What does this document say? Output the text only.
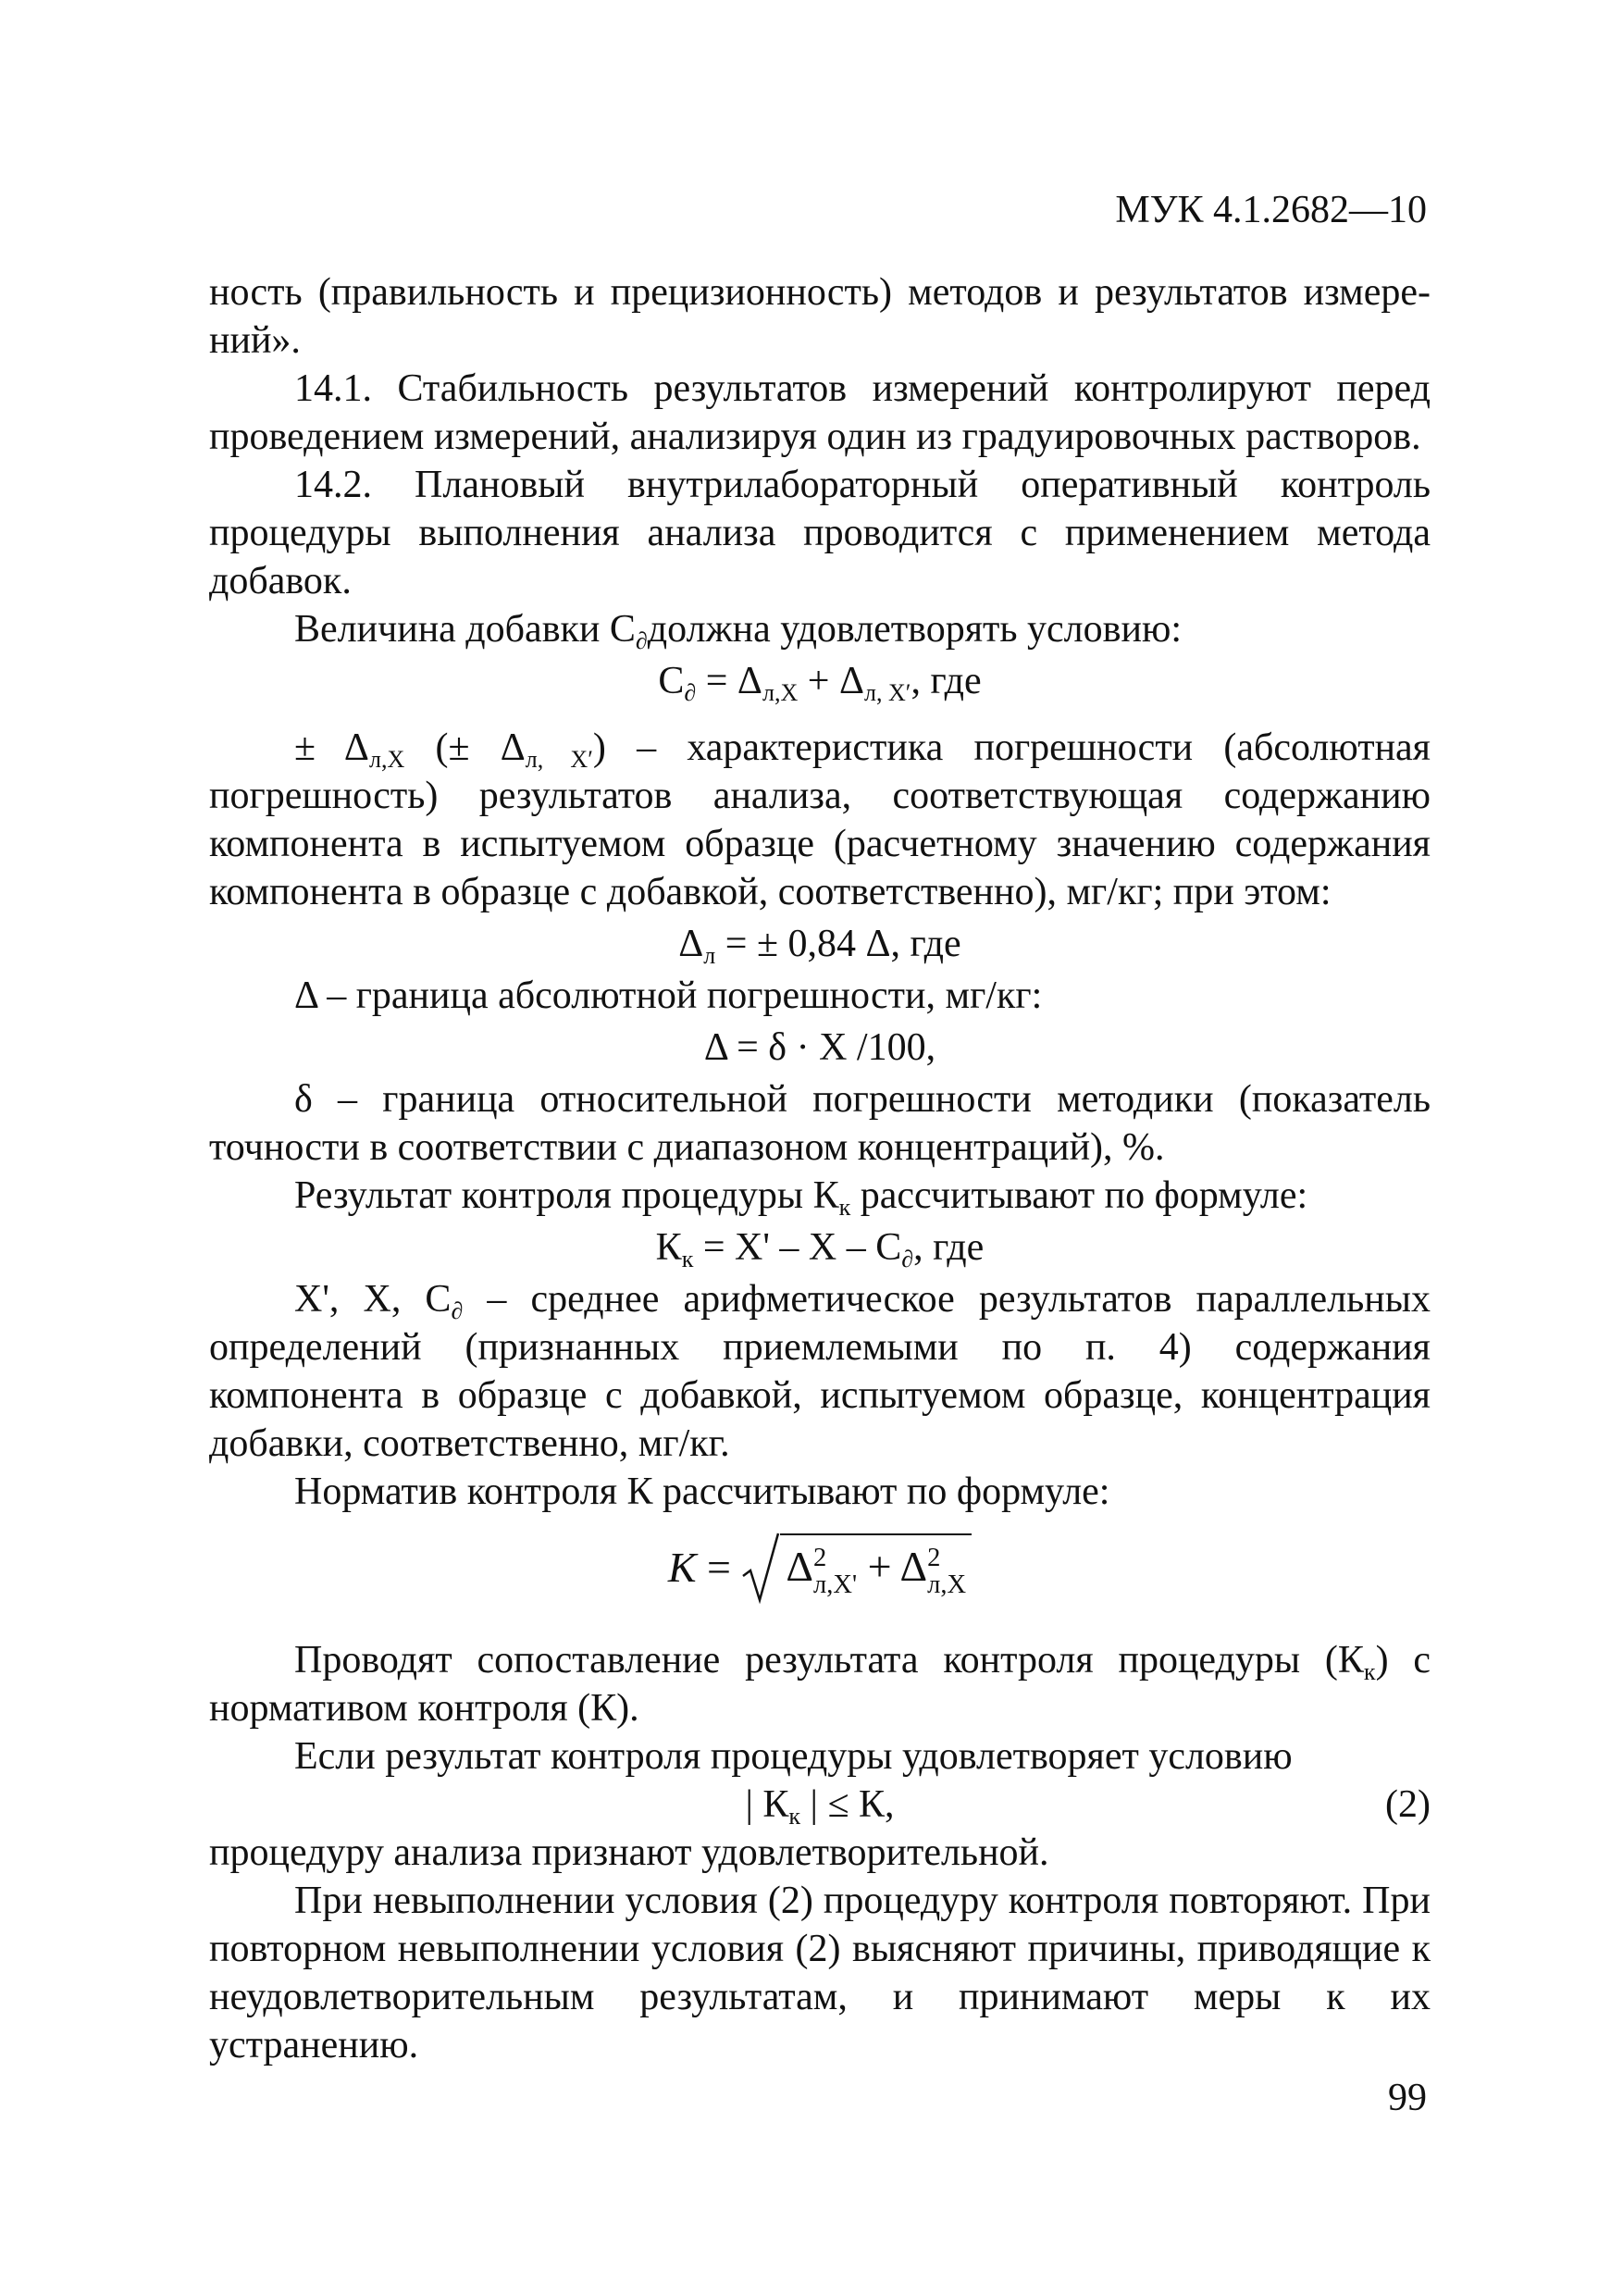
МУК 4.1.2682—10

ность (правильность и прецизионность) методов и результатов измере-

ний».

14.1. Стабильность результатов измерений контролируют перед проведением измерений, анализируя один из градуировочных растворов.

14.2. Плановый внутрилабораторный оперативный контроль процедуры выполнения анализа проводится с применением метода добавок.

Величина добавки $С_\partial должна$ удовлетворять условию:

$С_\partial = \Delta_{л,X} + \Delta_{л, X'}$, где

± $\Delta_{л,X}$ (± $\Delta_{л, X'}$) – характеристика погрешности (абсолютная погрешность) результатов анализа, соответствующая содержанию компонента в испытуемом образце (расчетному значению содержания компонента в образце с добавкой, соответственно), мг/кг; при этом:

$\Delta_л$ = ± 0,84 Δ, где

Δ – граница абсолютной погрешности, мг/кг:

Δ = δ · X /100,

δ – граница относительной погрешности методики (показатель точности в соответствии с диапазоном концентраций), %.

Результат контроля процедуры $К_к$ рассчитывают по формуле:

$К_к = X' - X - С_\partial$, где

X', X, $С_\partial$ – среднее арифметическое результатов параллельных определений (признанных приемлемыми по п. 4) содержания компонента в образце с добавкой, испытуемом образце, концентрация добавки, соответственно, мг/кг.

Норматив контроля К рассчитывают по формуле:

К = Δ 2
л,X' + Δ 2
л,X

Проводят сопоставление результата контроля процедуры $(К_к)$ с нормативом контроля (К).

Если результат контроля процедуры удовлетворяет условию

| $К_к$ | ≤ К,	(2)

процедуру анализа признают удовлетворительной.

При невыполнении условия (2) процедуру контроля повторяют. При повторном невыполнении условия (2) выясняют причины, приводящие к неудовлетворительным результатам, и принимают меры к их устранению.

99
